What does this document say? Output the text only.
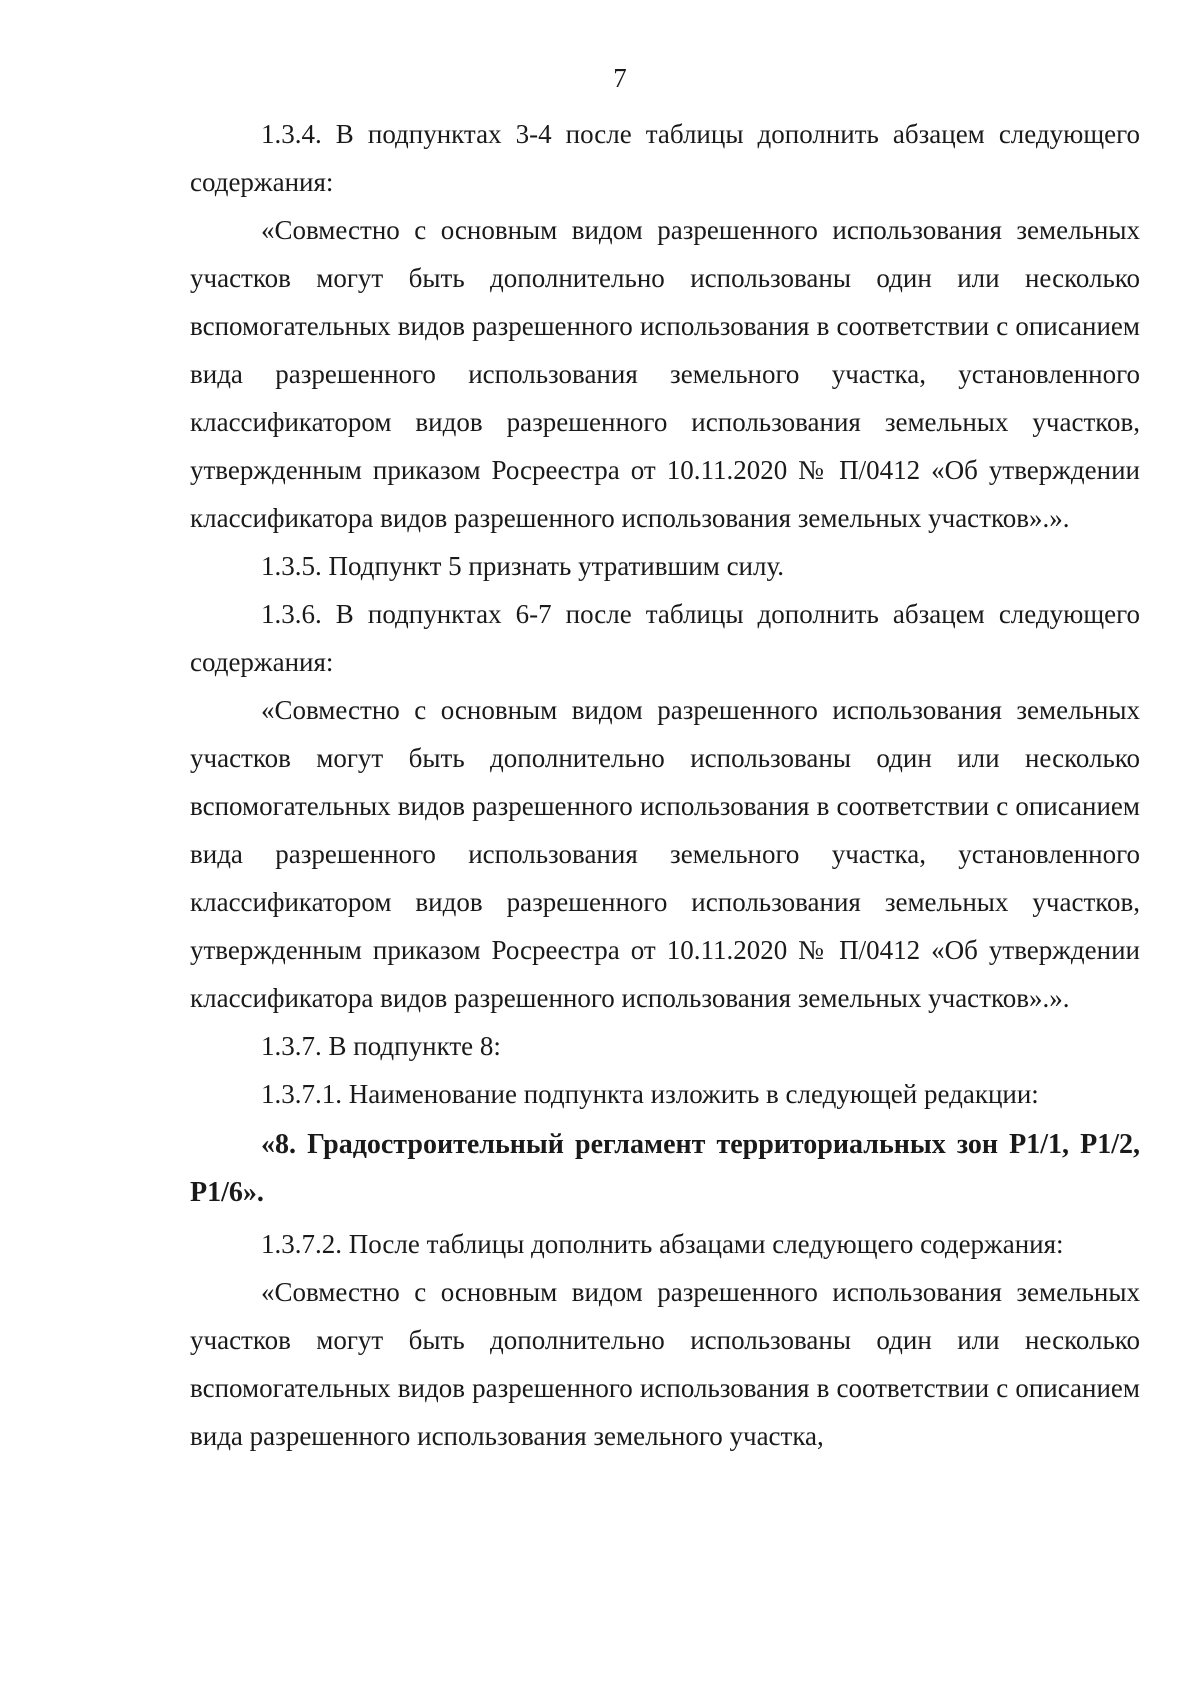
7

1.3.4. В подпунктах 3-4 после таблицы дополнить абзацем следующего содержания:

«Совместно с основным видом разрешенного использования земельных участков могут быть дополнительно использованы один или несколько вспомогательных видов разрешенного использования в соответствии с описанием вида разрешенного использования земельного участка, установленного классификатором видов разрешенного использования земельных участков, утвержденным приказом Росреестра от 10.11.2020 № П/0412 «Об утверждении классификатора видов разрешенного использования земельных участков».».

1.3.5. Подпункт 5 признать утратившим силу.

1.3.6. В подпунктах 6-7 после таблицы дополнить абзацем следующего содержания:

«Совместно с основным видом разрешенного использования земельных участков могут быть дополнительно использованы один или несколько вспомогательных видов разрешенного использования в соответствии с описанием вида разрешенного использования земельного участка, установленного классификатором видов разрешенного использования земельных участков, утвержденным приказом Росреестра от 10.11.2020 № П/0412 «Об утверждении классификатора видов разрешенного использования земельных участков».».

1.3.7. В подпункте 8:

1.3.7.1. Наименование подпункта изложить в следующей редакции:

«8. Градостроительный регламент территориальных зон Р1/1, Р1/2, Р1/6».

1.3.7.2. После таблицы дополнить абзацами следующего содержания:

«Совместно с основным видом разрешенного использования земельных участков могут быть дополнительно использованы один или несколько вспомогательных видов разрешенного использования в соответствии с описанием вида разрешенного использования земельного участка,
